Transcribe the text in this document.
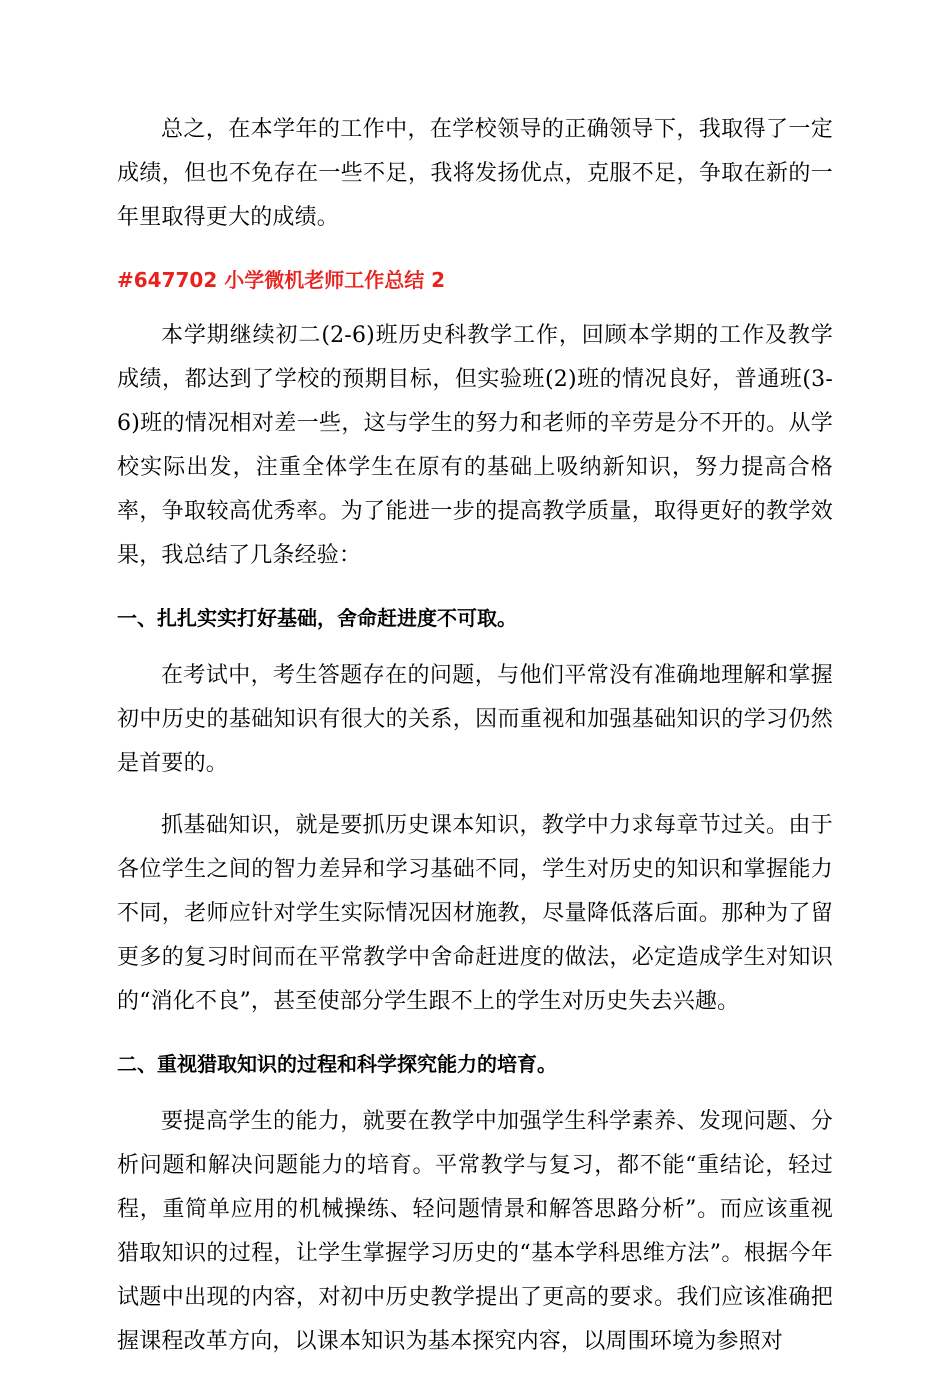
总之，在本学年的工作中，在学校领导的正确领导下，我取得了一定成绩，但也不免存在一些不足，我将发扬优点，克服不足，争取在新的一年里取得更大的成绩。

#647702 小学微机老师工作总结 2

本学期继续初二(2-6)班历史科教学工作，回顾本学期的工作及教学成绩，都达到了学校的预期目标，但实验班(2)班的情况良好，普通班(3-6)班的情况相对差一些，这与学生的努力和老师的辛劳是分不开的。从学校实际出发，注重全体学生在原有的基础上吸纳新知识，努力提高合格率，争取较高优秀率。为了能进一步的提高教学质量，取得更好的教学效果，我总结了几条经验：

一、扎扎实实打好基础，舍命赶进度不可取。

在考试中，考生答题存在的问题，与他们平常没有准确地理解和掌握初中历史的基础知识有很大的关系，因而重视和加强基础知识的学习仍然是首要的。

抓基础知识，就是要抓历史课本知识，教学中力求每章节过关。由于各位学生之间的智力差异和学习基础不同，学生对历史的知识和掌握能力不同，老师应针对学生实际情况因材施教，尽量降低落后面。那种为了留更多的复习时间而在平常教学中舍命赶进度的做法，必定造成学生对知识的“消化不良”，甚至使部分学生跟不上的学生对历史失去兴趣。

二、重视猎取知识的过程和科学探究能力的培育。

要提高学生的能力，就要在教学中加强学生科学素养、发现问题、分析问题和解决问题能力的培育。平常教学与复习，都不能“重结论，轻过程，重简单应用的机械操练、轻问题情景和解答思路分析”。而应该重视猎取知识的过程，让学生掌握学习历史的“基本学科思维方法”。根据今年试题中出现的内容，对初中历史教学提出了更高的要求。我们应该准确把握课程改革方向，以课本知识为基本探究内容，以周围环境为参照对
